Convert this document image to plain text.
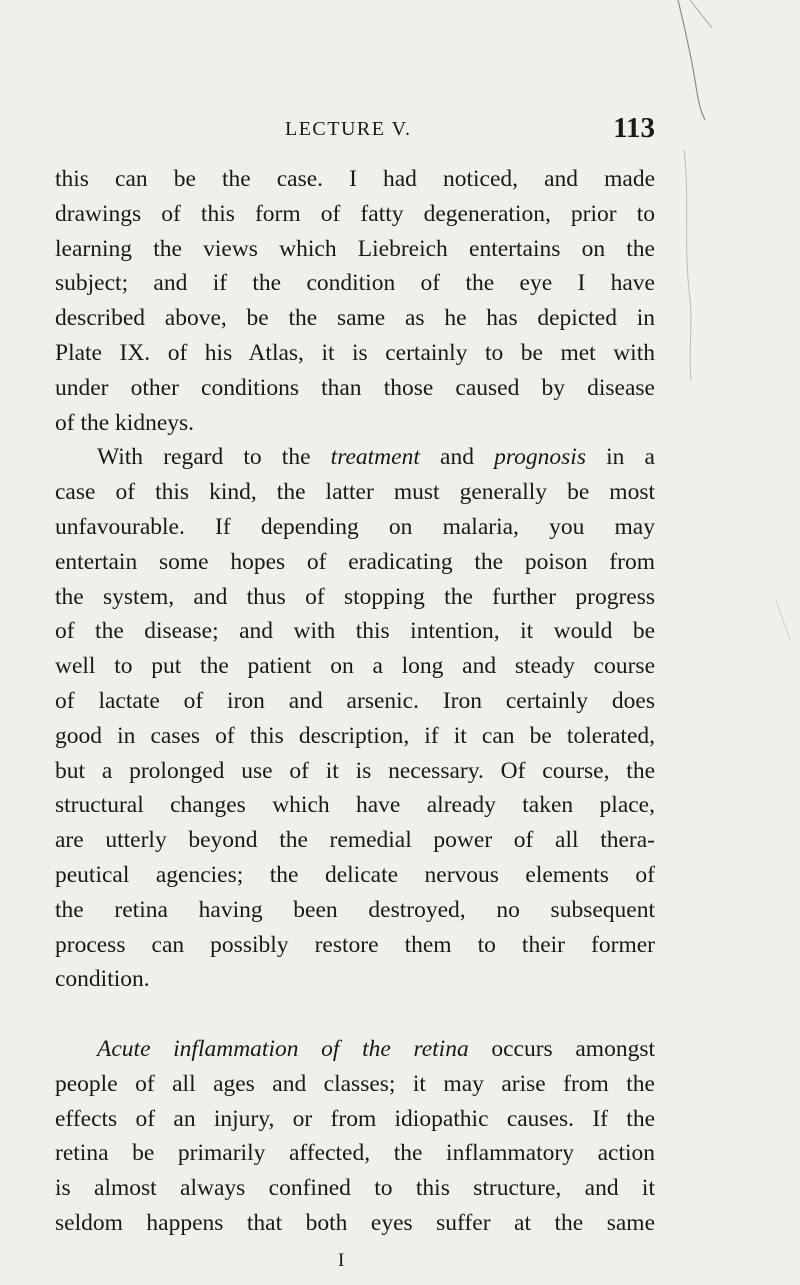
LECTURE V.	113
this can be the case. I had noticed, and made
drawings of this form of fatty degeneration, prior to
learning the views which Liebreich entertains on the
subject; and if the condition of the eye I have
described above, be the same as he has depicted in
Plate IX. of his Atlas, it is certainly to be met with
under other conditions than those caused by disease
of the kidneys.
With regard to the treatment and prognosis in a
case of this kind, the latter must generally be most
unfavourable. If depending on malaria, you may
entertain some hopes of eradicating the poison from
the system, and thus of stopping the further progress
of the disease; and with this intention, it would be
well to put the patient on a long and steady course
of lactate of iron and arsenic. Iron certainly does
good in cases of this description, if it can be tolerated,
but a prolonged use of it is necessary. Of course, the
structural changes which have already taken place,
are utterly beyond the remedial power of all thera-
peutical agencies; the delicate nervous elements of
the retina having been destroyed, no subsequent
process can possibly restore them to their former
condition.
Acute inflammation of the retina occurs amongst
people of all ages and classes; it may arise from the
effects of an injury, or from idiopathic causes. If the
retina be primarily affected, the inflammatory action
is almost always confined to this structure, and it
seldom happens that both eyes suffer at the same
I
